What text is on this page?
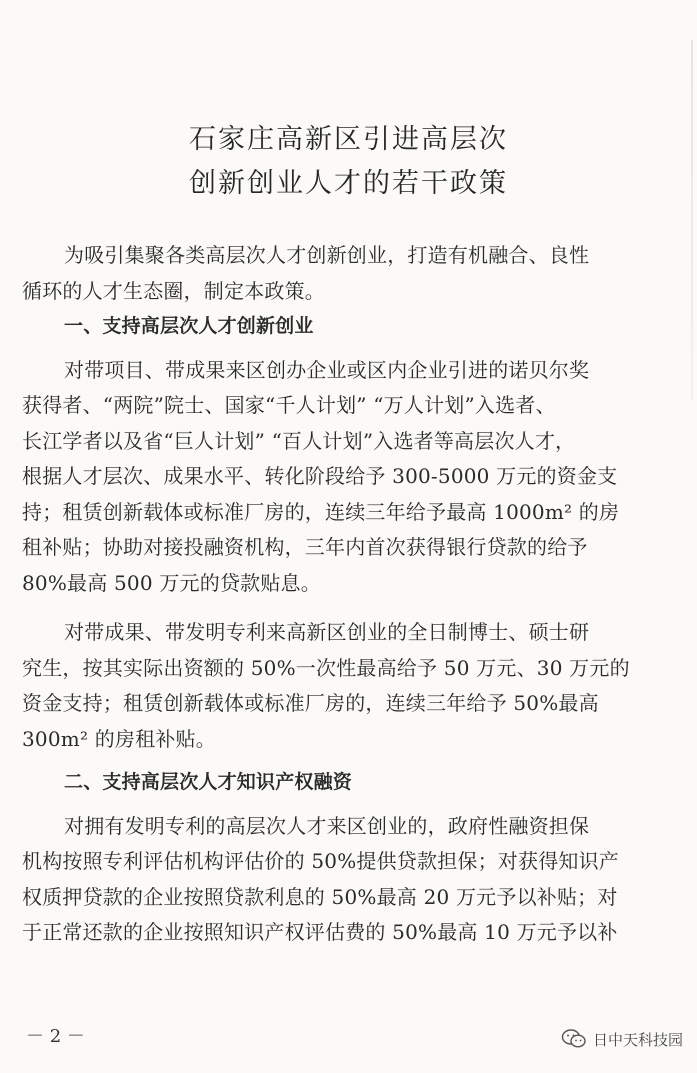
石家庄高新区引进高层次
创新创业人才的若干政策
为吸引集聚各类高层次人才创新创业，打造有机融合、良性
循环的人才生态圈，制定本政策。
一、支持高层次人才创新创业
对带项目、带成果来区创办企业或区内企业引进的诺贝尔奖
获得者、“两院”院士、国家“千人计划” “万人计划”入选者、
长江学者以及省“巨人计划” “百人计划”入选者等高层次人才，
根据人才层次、成果水平、转化阶段给予 300-5000 万元的资金支
持；租赁创新载体或标准厂房的，连续三年给予最高 1000m² 的房
租补贴；协助对接投融资机构，三年内首次获得银行贷款的给予
80%最高 500 万元的贷款贴息。
对带成果、带发明专利来高新区创业的全日制博士、硕士研
究生，按其实际出资额的 50%一次性最高给予 50 万元、30 万元的
资金支持；租赁创新载体或标准厂房的，连续三年给予 50%最高
300m² 的房租补贴。
二、支持高层次人才知识产权融资
对拥有发明专利的高层次人才来区创业的，政府性融资担保
机构按照专利评估机构评估价的 50%提供贷款担保；对获得知识产
权质押贷款的企业按照贷款利息的 50%最高 20 万元予以补贴；对
于正常还款的企业按照知识产权评估费的 50%最高 10 万元予以补
－ 2 －	日中天科技园
